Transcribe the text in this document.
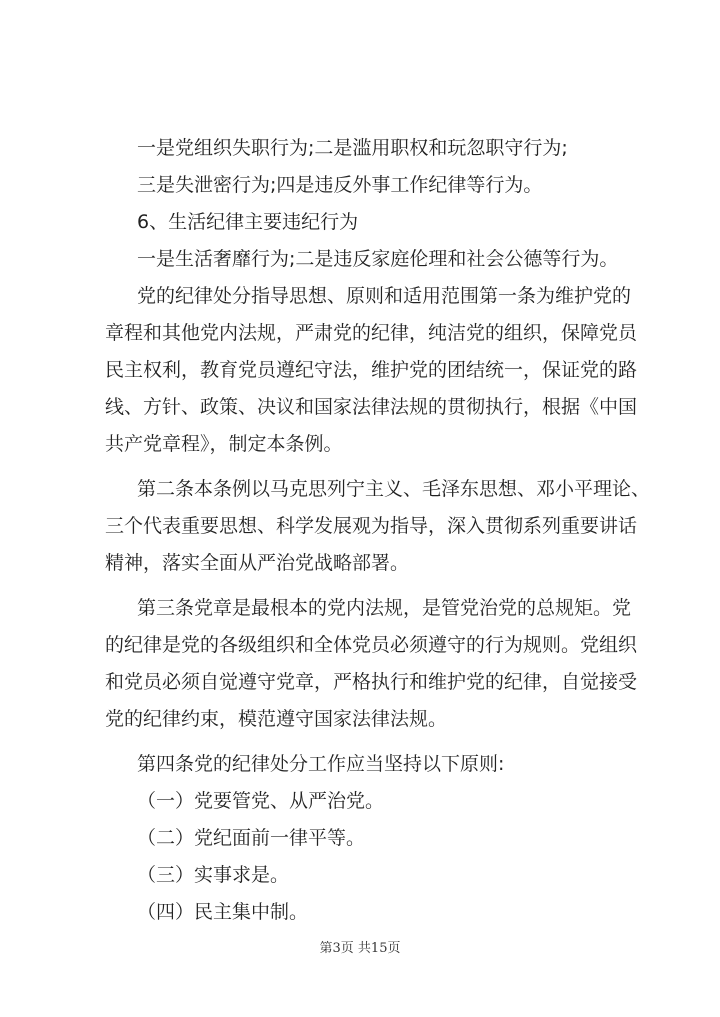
一是党组织失职行为;二是滥用职权和玩忽职守行为;
三是失泄密行为;四是违反外事工作纪律等行为。
6、生活纪律主要违纪行为
一是生活奢靡行为;二是违反家庭伦理和社会公德等行为。
党的纪律处分指导思想、原则和适用范围第一条为维护党的
章程和其他党内法规，严肃党的纪律，纯洁党的组织，保障党员
民主权利，教育党员遵纪守法，维护党的团结统一，保证党的路
线、方针、政策、决议和国家法律法规的贯彻执行，根据《中国
共产党章程》，制定本条例。
第二条本条例以马克思列宁主义、毛泽东思想、邓小平理论、
三个代表重要思想、科学发展观为指导，深入贯彻系列重要讲话
精神，落实全面从严治党战略部署。
第三条党章是最根本的党内法规，是管党治党的总规矩。党
的纪律是党的各级组织和全体党员必须遵守的行为规则。党组织
和党员必须自觉遵守党章，严格执行和维护党的纪律，自觉接受
党的纪律约束，模范遵守国家法律法规。
第四条党的纪律处分工作应当坚持以下原则:
（一）党要管党、从严治党。
（二）党纪面前一律平等。
（三）实事求是。
（四）民主集中制。
第3页 共15页
